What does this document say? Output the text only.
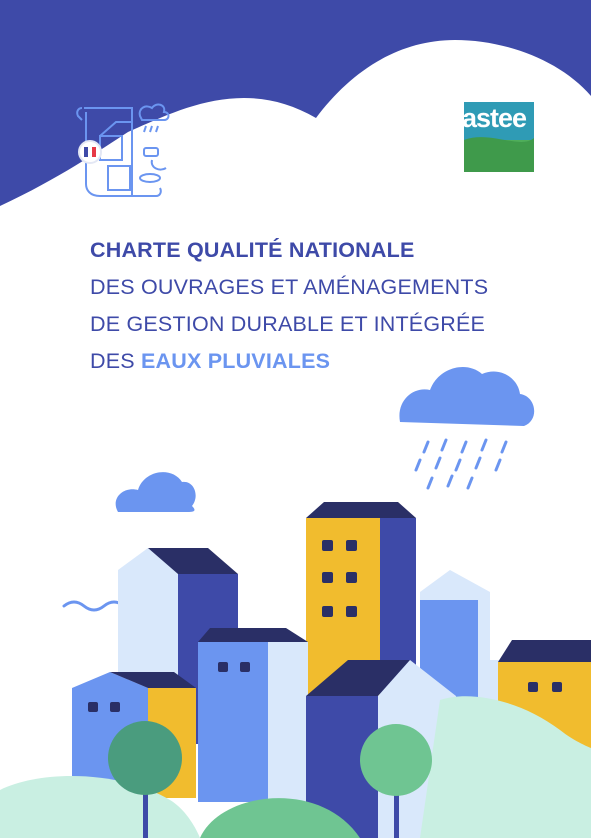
astee
CHARTE QUALITÉ NATIONALE
DES OUVRAGES ET AMÉNAGEMENTS
DE GESTION DURABLE ET INTÉGRÉE
DES EAUX PLUVIALES
